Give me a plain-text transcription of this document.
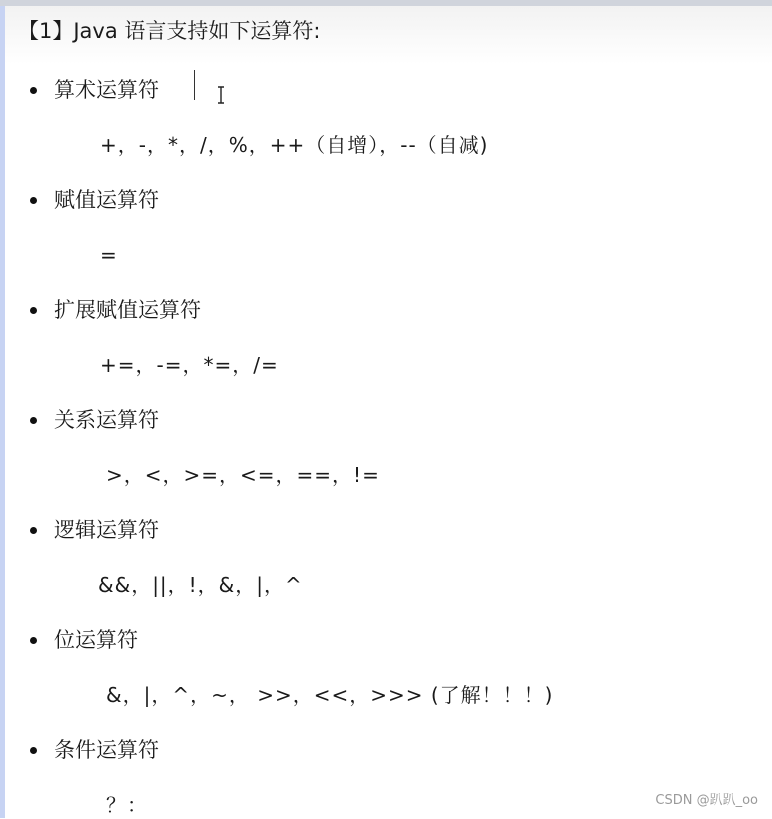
【1】Java 语言支持如下运算符:
算术运算符
+，-，*，/，%，++（自增），--（自减)
赋值运算符
=
扩展赋值运算符
+=，-=，*=，/=
关系运算符
>，<，>=，<=，==，!=
逻辑运算符
&&，||，!，&，|，^
位运算符
&，|，^，~， >>，<<，>>> (了解！！！)
条件运算符
？：	CSDN @趴趴_oo
